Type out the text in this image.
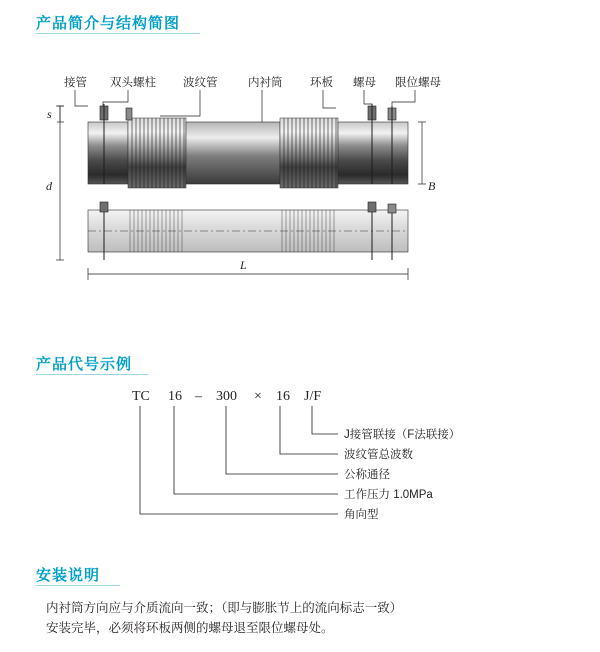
产品简介与结构简图
接管 双头螺柱 波纹管	内衬筒 环板 螺母 限位螺母
s
d	B
L
产品代号示例
TC 16 – 300 × 16 J/F
J接管联接（F法联接）
波纹管总波数
公称通径
工作压力 1.0MPa
角向型
安装说明
内衬筒方向应与介质流向一致；（即与膨胀节上的流向标志一致）
安装完毕，必须将环板两侧的螺母退至限位螺母处。
